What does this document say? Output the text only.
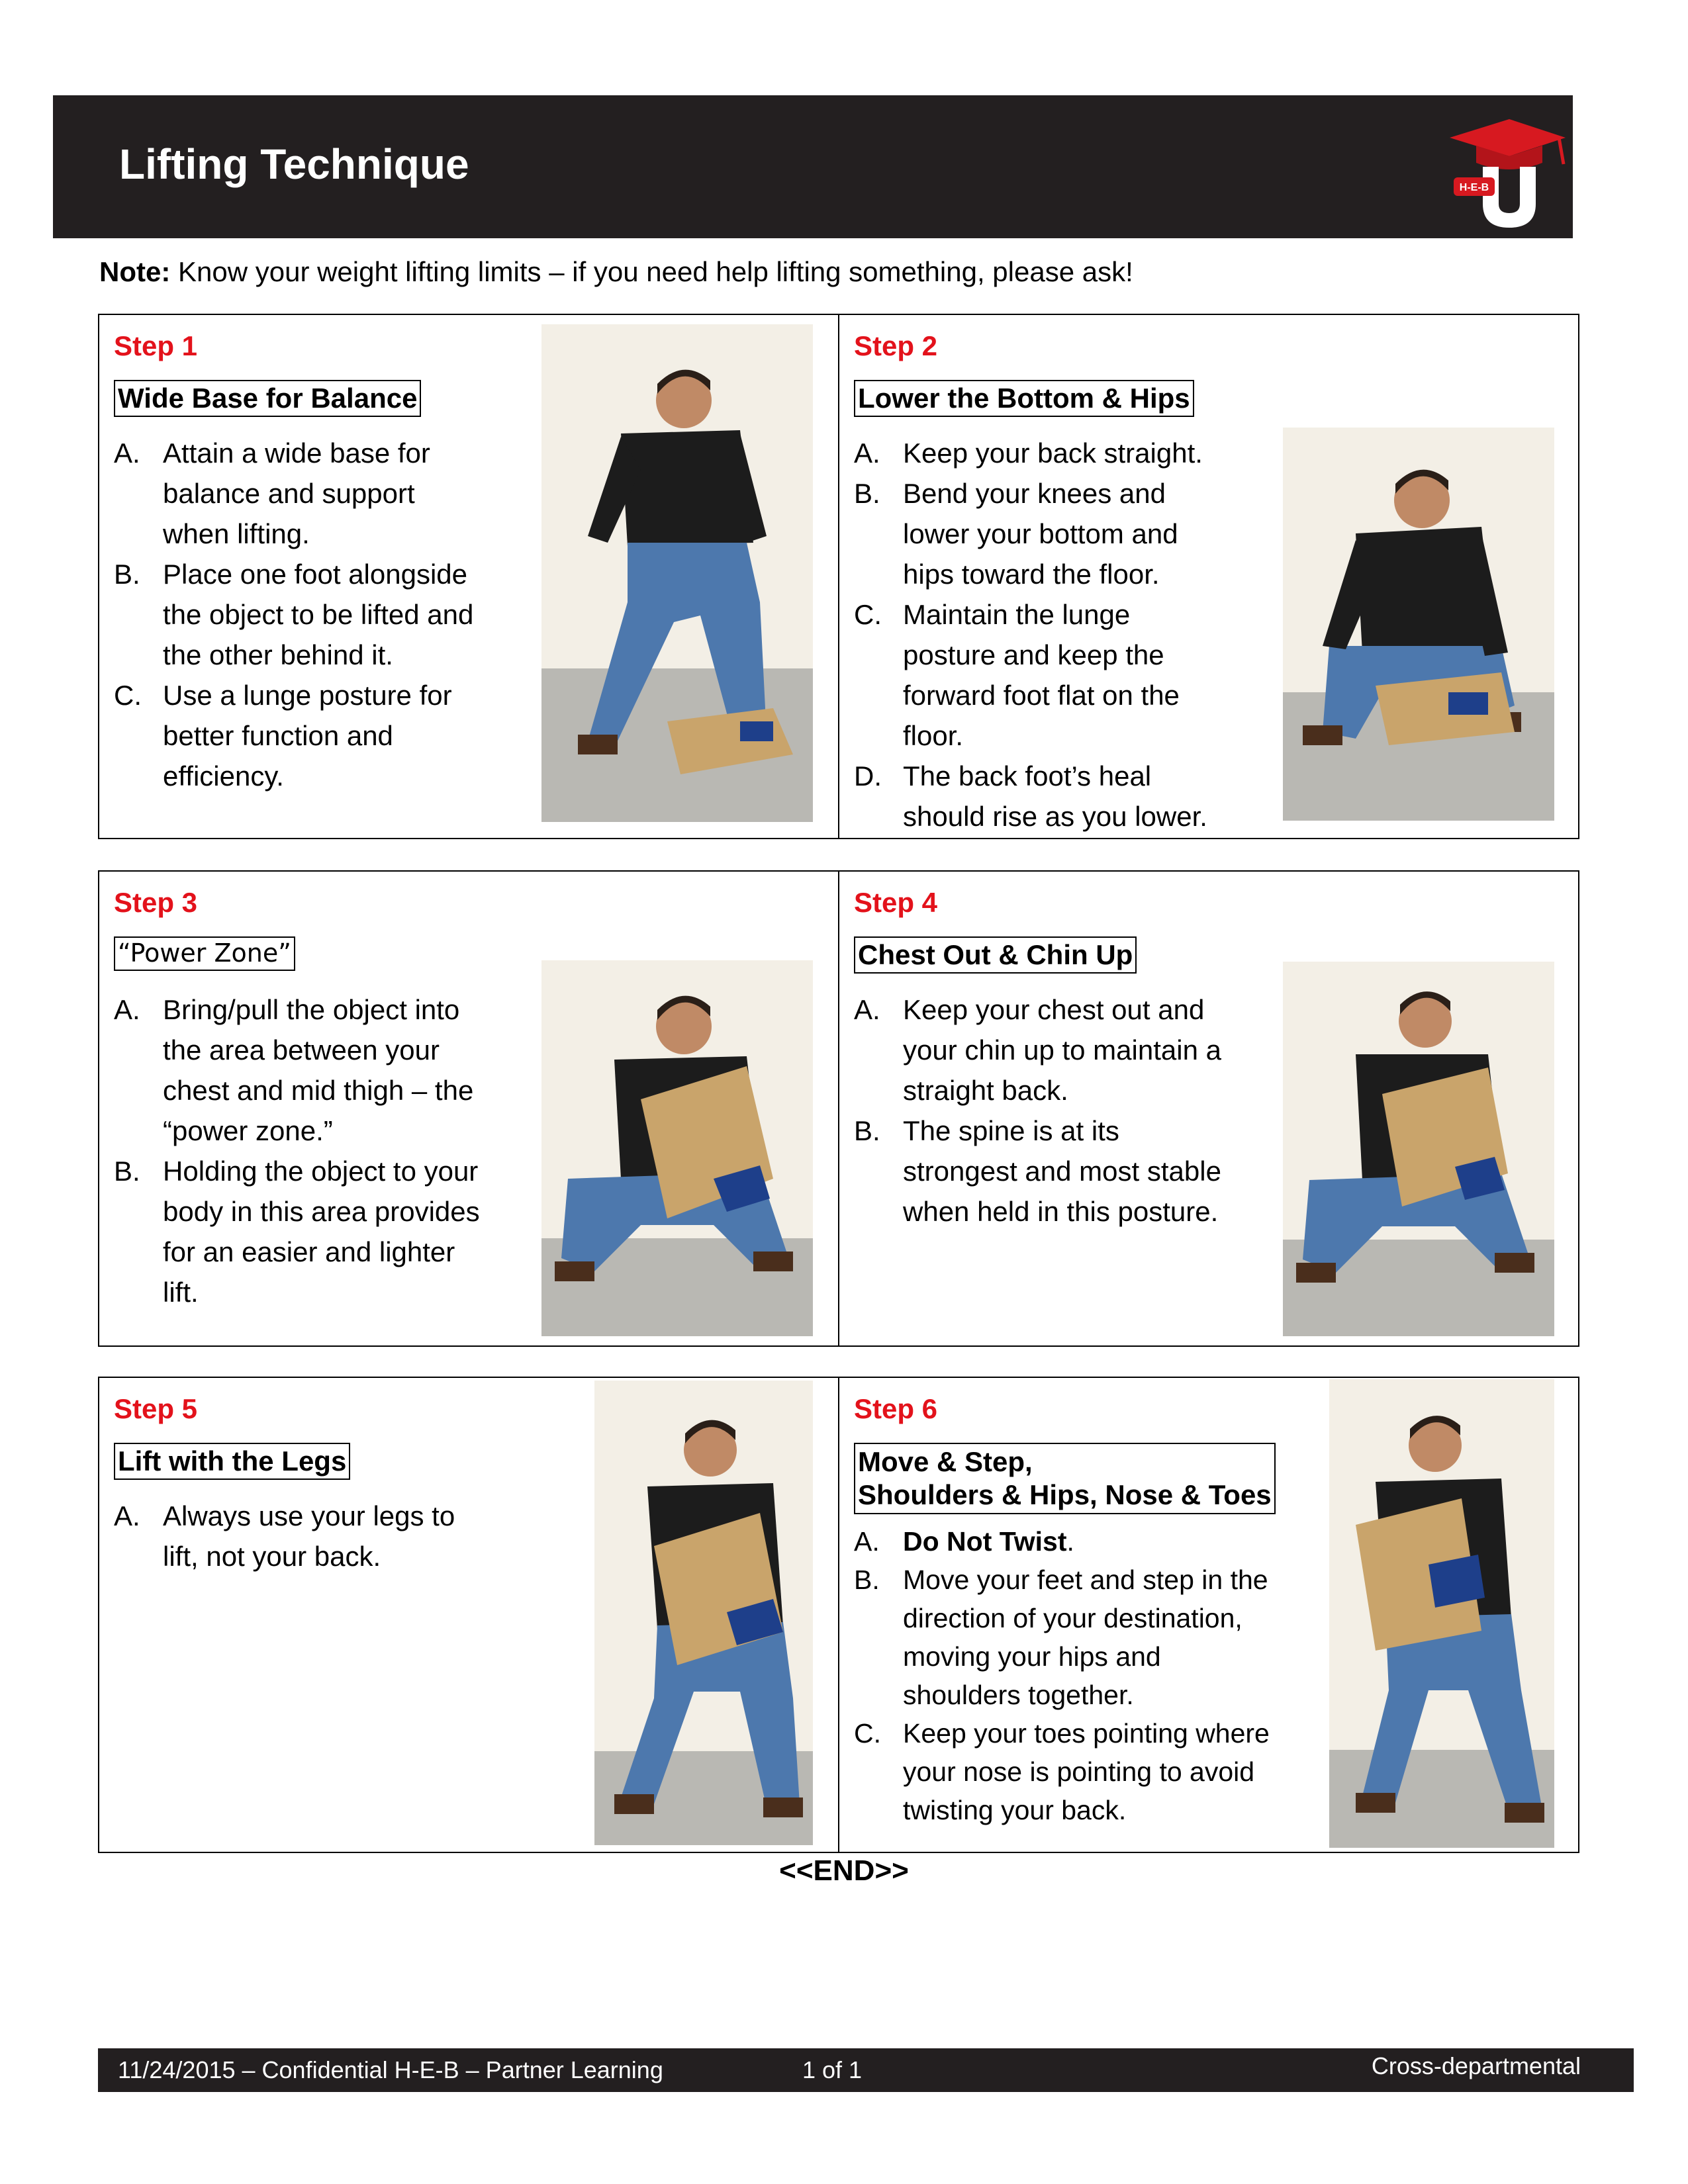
Lifting Technique	H-E-B
Note: Know your weight lifting limits – if you need help lifting something, please ask!
Step 1
Wide Base for Balance
A. Attain a wide base for
balance and support
when lifting.
B. Place one foot alongside
the object to be lifted and
the other behind it.
C. Use a lunge posture for
better function and
efficiency.
Step 2
Lower the Bottom & Hips
A. Keep your back straight.
B. Bend your knees and
lower your bottom and
hips toward the floor.
C. Maintain the lunge
posture and keep the
forward foot flat on the
floor.
D. The back foot’s heal
should rise as you lower.
Step 3
“Power Zone”
A. Bring/pull the object into
the area between your
chest and mid thigh – the
“power zone.”
B. Holding the object to your
body in this area provides
for an easier and lighter
lift.
Step 4
Chest Out & Chin Up
A. Keep your chest out and
your chin up to maintain a
straight back.
B. The spine is at its
strongest and most stable
when held in this posture.
Step 5
Lift with the Legs
A. Always use your legs to
lift, not your back.
Step 6
Move & Step,
Shoulders & Hips, Nose & Toes
A. Do Not Twist.
B. Move your feet and step in the
direction of your destination,
moving your hips and
shoulders together.
C. Keep your toes pointing where
your nose is pointing to avoid
twisting your back.
<<END>>
11/24/2015 – Confidential H-E-B – Partner Learning	1 of 1	Cross-departmental
